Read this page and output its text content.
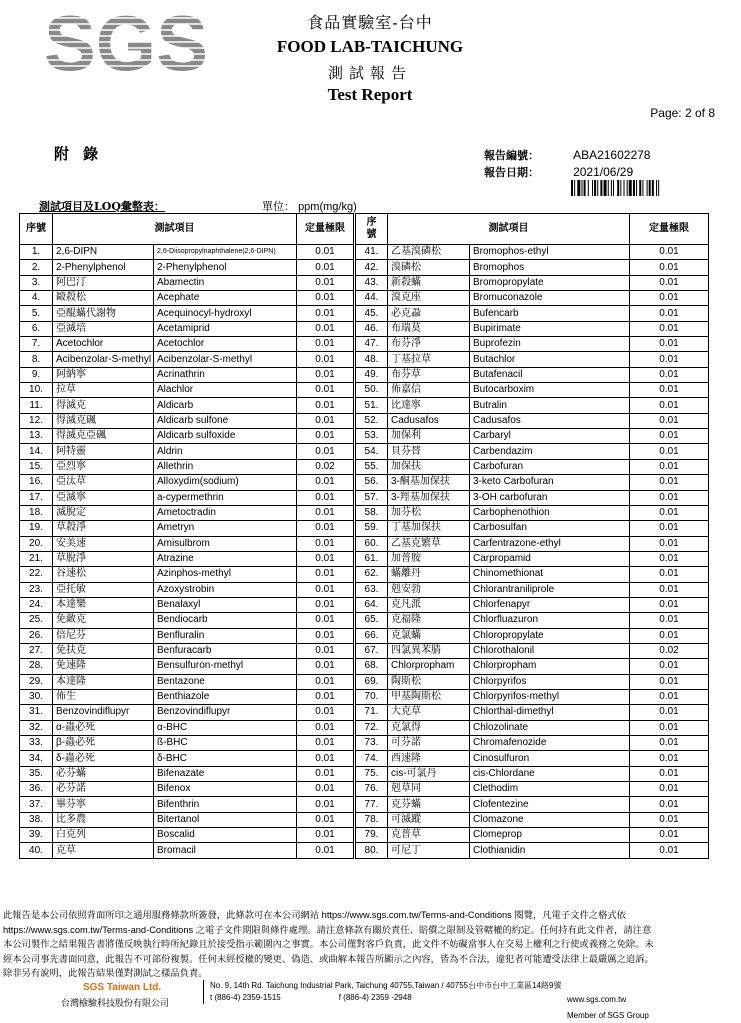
SGS	食品實驗室-台中
FOOD LAB-TAICHUNG
測試報告
Test Report
Page: 2 of 8
附錄	報告編號：	ABA21602278
報告日期：	2021/06/29
測試項目及LOQ彙整表：	單位： ppm(mg/kg)
序號	測試項目		定量極限	序號	測試項目		定量極限
1.	2,6-DIPN	2,6-Diisopropylnaphthalene(2,6-DIPN)	0.01	41.	乙基溴磷松	Bromophos-ethyl	0.01
2.	2-Phenylphenol	2-Phenylphenol	0.01	42.	溴磷松	Bromophos	0.01
3.	阿巴汀	Abamectin	0.01	43.	新殺蟎	Bromopropylate	0.01
4.	毆殺松	Acephate	0.01	44.	溴克座	Bromuconazole	0.01
5.	亞醌蟎代謝物	Acequinocyl-hydroxyl	0.01	45.	必克蝨	Bufencarb	0.01
6.	亞滅培	Acetamiprid	0.01	46.	布瑞莫	Bupirimate	0.01
7.	Acetochlor	Acetochlor	0.01	47.	布芬淨	Buprofezin	0.01
8.	Acibenzolar-S-methyl	Acibenzolar-S-methyl	0.01	48.	丁基拉草	Butachlor	0.01
9.	阿納寧	Acrinathrin	0.01	49.	布芬草	Butafenacil	0.01
10.	拉草	Alachlor	0.01	50.	佈嘉信	Butocarboxim	0.01
11.	得滅克	Aldicarb	0.01	51.	比達寧	Butralin	0.01
12.	得滅克碸	Aldicarb sulfone	0.01	52.	Cadusafos	Cadusafos	0.01
13.	得滅克亞碸	Aldicarb sulfoxide	0.01	53.	加保利	Carbaryl	0.01
14.	阿特靈	Aldrin	0.01	54.	貝芬替	Carbendazim	0.01
15.	亞烈寧	Allethrin	0.02	55.	加保扶	Carbofuran	0.01
16.	亞汰草	Alloxydim(sodium)	0.01	56.	3-酮基加保扶	3-keto Carbofuran	0.01
17.	亞滅寧	a-cypermethrin	0.01	57.	3-羥基加保扶	3-OH carbofuran	0.01
18.	滅脫定	Ametoctradin	0.01	58.	加芬松	Carbophenothion	0.01
19.	草殺淨	Ametryn	0.01	59.	丁基加保扶	Carbosulfan	0.01
20.	安美速	Amisulbrom	0.01	60.	乙基克繁草	Carfentrazone-ethyl	0.01
21.	草脫淨	Atrazine	0.01	61.	加普胺	Carpropamid	0.01
22.	谷速松	Azinphos-methyl	0.01	62.	蟎離丹	Chinomethionat	0.01
23.	亞托敏	Azoxystrobin	0.01	63.	剋安勃	Chlorantraniliprole	0.01
24.	本達樂	Benalaxyl	0.01	64.	克凡派	Chlorfenapyr	0.01
25.	免敵克	Bendiocarb	0.01	65.	克福隆	Chlorfluazuron	0.01
26.	倍尼芬	Benfluralin	0.01	66.	克氯蟎	Chloropropylate	0.01
27.	免扶克	Benfuracarb	0.01	67.	四氯異苯腈	Chlorothalonil	0.02
28.	免速隆	Bensulfuron-methyl	0.01	68.	Chlorpropham	Chlorpropham	0.01
29.	本達隆	Bentazone	0.01	69.	陶斯松	Chlorpyrifos	0.01
30.	佈生	Benthiazole	0.01	70.	甲基陶斯松	Chlorpyrifos-methyl	0.01
31.	Benzovindiflupyr	Benzovindiflupyr	0.01	71.	大克草	Chlorthal-dimethyl	0.01
32.	α-蟲必死	α-BHC	0.01	72.	克氯得	Chlozolinate	0.01
33.	β-蟲必死	ß-BHC	0.01	73.	可芬諾	Chromafenozide	0.01
34.	δ-蟲必死	δ-BHC	0.01	74.	西速隆	Cinosulfuron	0.01
35.	必芬蟎	Bifenazate	0.01	75.	cis-可氯丹	cis-Chlordane	0.01
36.	必芬諾	Bifenox	0.01	76.	剋草同	Clethodim	0.01
37.	畢芬寧	Bifenthrin	0.01	77.	克芬蟎	Clofentezine	0.01
38.	比多農	Bitertanol	0.01	78.	可滅蹤	Clomazone	0.01
39.	白克列	Boscalid	0.01	79.	克普草	Clomeprop	0.01
40.	克草	Bromacil	0.01	80.	可尼丁	Clothianidin	0.01
此報告是本公司依照背面所印之通用服務條款所簽發，此條款可在本公司網站 https://www.sgs.com.tw/Terms-and-Conditions 閱覽，凡電子文件之格式依
https://www.sgs.com.tw/Terms-and-Conditions 之電子文件期限與條件處理。請注意條款有關於責任、賠償之限制及管轄權的約定。任何持有此文件者，請注意
本公司製作之結果報告書將僅反映執行時所紀錄且於接受指示範圍內之事實。本公司僅對客戶負責，此文件不妨礙當事人在交易上權利之行使或義務之免除。未
經本公司事先書面同意，此報告不可部份複製。任何未經授權的變更、偽造、或曲解本報告所顯示之內容，皆為不合法，違犯者可能遭受法律上最嚴厲之追訴。
除非另有說明，此報告結果僅對測試之樣品負責。
SGS Taiwan Ltd.
台灣檢驗科技股份有限公司
No. 9, 14th Rd. Taichung Industrial Park, Taichung 40755,Taiwan / 40755台中市台中工業區14路9號
t (886-4) 2359-1515	f (886-4) 2359 -2948	www.sgs.com.tw
Member of SGS Group
